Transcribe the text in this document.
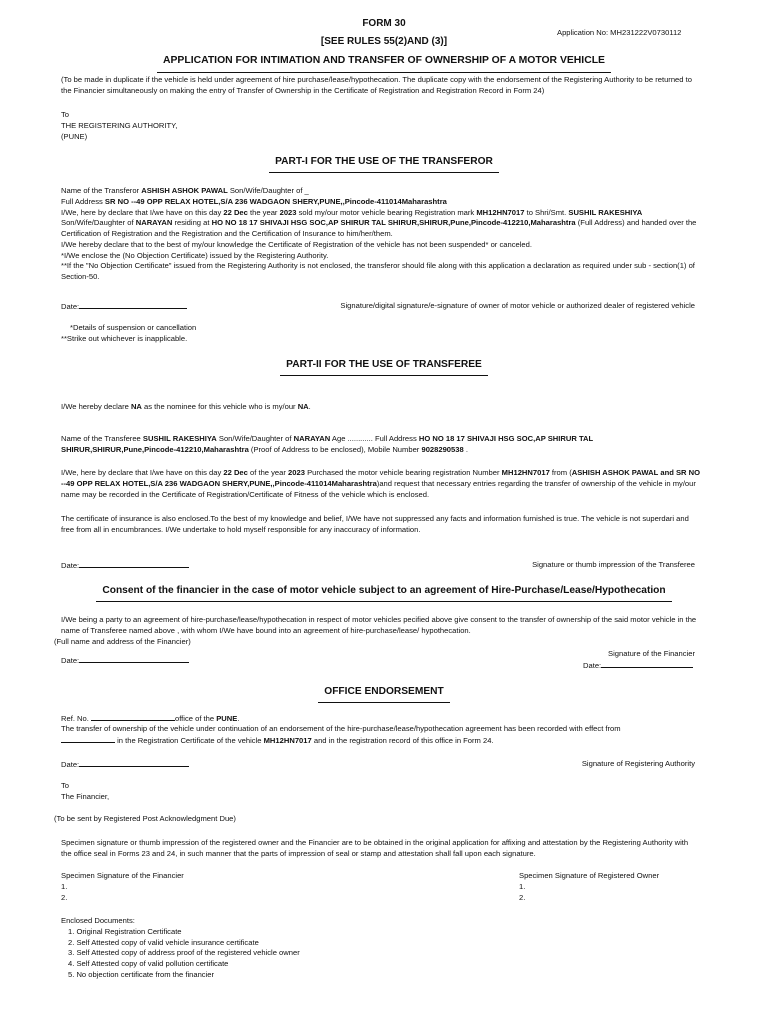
FORM 30
Application No: MH231222V0730112
[SEE RULES 55(2)AND (3)]
APPLICATION FOR INTIMATION AND TRANSFER OF OWNERSHIP OF A MOTOR VEHICLE
(To be made in duplicate if the vehicle is held under agreement of hire purchase/lease/hypothecation. The duplicate copy with the endorsement of the Registering Authority to be returned to the Financier simultaneously on making the entry of Transfer of Ownership in the Certificate of Registration and Registration Record in Form 24)
To
THE REGISTERING AUTHORITY,
(PUNE)
PART-I FOR THE USE OF THE TRANSFEROR
Name of the Transferor ASHISH ASHOK PAWAL Son/Wife/Daughter of _
Full Address SR NO --49 OPP RELAX HOTEL,S/A 236 WADGAON SHERY,PUNE,,Pincode-411014Maharashtra
I/We, here by declare that I/we have on this day 22 Dec the year 2023 sold my/our motor vehicle bearing Registration mark MH12HN7017 to Shri/Smt. SUSHIL RAKESHIYA Son/Wife/Daughter of NARAYAN residing at HO NO 18 17 SHIVAJI HSG SOC,AP SHIRUR TAL SHIRUR,SHIRUR,Pune,Pincode-412210,Maharashtra (Full Address) and handed over the Certification of Registration and the Registration and the Certification of Insurance to him/her/them.
I/We hereby declare that to the best of my/our knowledge the Certificate of Registration of the vehicle has not been suspended* or canceled.
*I/We enclose the (No Objection Certificate) issued by the Registering Authority.
**If the "No Objection Certificate" issued from the Registering Authority is not enclosed, the transferor should file along with this application a declaration as required under sub - section(1) of Section-50.
Date:	Signature/digital signature/e-signature of owner of motor vehicle or authorized dealer of registered vehicle
*Details of suspension or cancellation
**Strike out whichever is inapplicable.
PART-II FOR THE USE OF TRANSFEREE
I/We hereby declare NA as the nominee for this vehicle who is my/our NA.
Name of the Transferee SUSHIL RAKESHIYA Son/Wife/Daughter of NARAYAN Age ............ Full Address HO NO 18 17 SHIVAJI HSG SOC,AP SHIRUR TAL SHIRUR,SHIRUR,Pune,Pincode-412210,Maharashtra (Proof of Address to be enclosed), Mobile Number 9028290538 .
I/We, here by declare that I/we have on this day 22 Dec of the year 2023 Purchased the motor vehicle bearing registration Number MH12HN7017 from (ASHISH ASHOK PAWAL and SR NO --49 OPP RELAX HOTEL,S/A 236 WADGAON SHERY,PUNE,,Pincode-411014Maharashtra)and request that necessary entries regarding the transfer of ownership of the vehicle in my/our name may be recorded in the Certificate of Registration/Certificate of Fitness of the vehicle which is enclosed.
The certificate of insurance is also enclosed.To the best of my knowledge and belief, I/We have not suppressed any facts and information furnished is true. The vehicle is not superdari and free from all in encumbrances. I/We undertake to hold myself responsible for any inaccuracy of information.
Date:	Signature or thumb impression of the Transferee
Consent of the financier in the case of motor vehicle subject to an agreement of Hire-Purchase/Lease/Hypothecation
I/We being a party to an agreement of hire-purchase/lease/hypothecation in respect of motor vehicles pecified above give consent to the transfer of ownership of the said motor vehicle in the name of Transferee named above , with whom I/We have bound into an agreement of hire-purchase/lease/ hypothecation.
(Full name and address of the Financier)
Date:
Signature of the Financier
Date:
OFFICE ENDORSEMENT
Ref. No.	office of the PUNE.
The transfer of ownership of the vehicle under continuation of an endorsement of the hire-purchase/lease/hypothecation agreement has been recorded with effect from
in the Registration Certificate of the vehicle MH12HN7017 and in the registration record of this office in Form 24.
Date:	Signature of Registering Authority
To
The Financier,
(To be sent by Registered Post Acknowledgment Due)
Specimen signature or thumb impression of the registered owner and the Financier are to be obtained in the original application for affixing and attestation by the Registering Authority with the office seal in Forms 23 and 24, in such manner that the parts of impression of seal or stamp and attestation shall fall upon each signature.
Specimen Signature of the Financier
1.
2.
Specimen Signature of Registered Owner
1.
2.
Enclosed Documents:
1. Original Registration Certificate
2. Self Attested copy of valid vehicle insurance certificate
3. Self Attested copy of address proof of the registered vehicle owner
4. Self Attested copy of valid pollution certificate
5. No objection certificate from the financier
